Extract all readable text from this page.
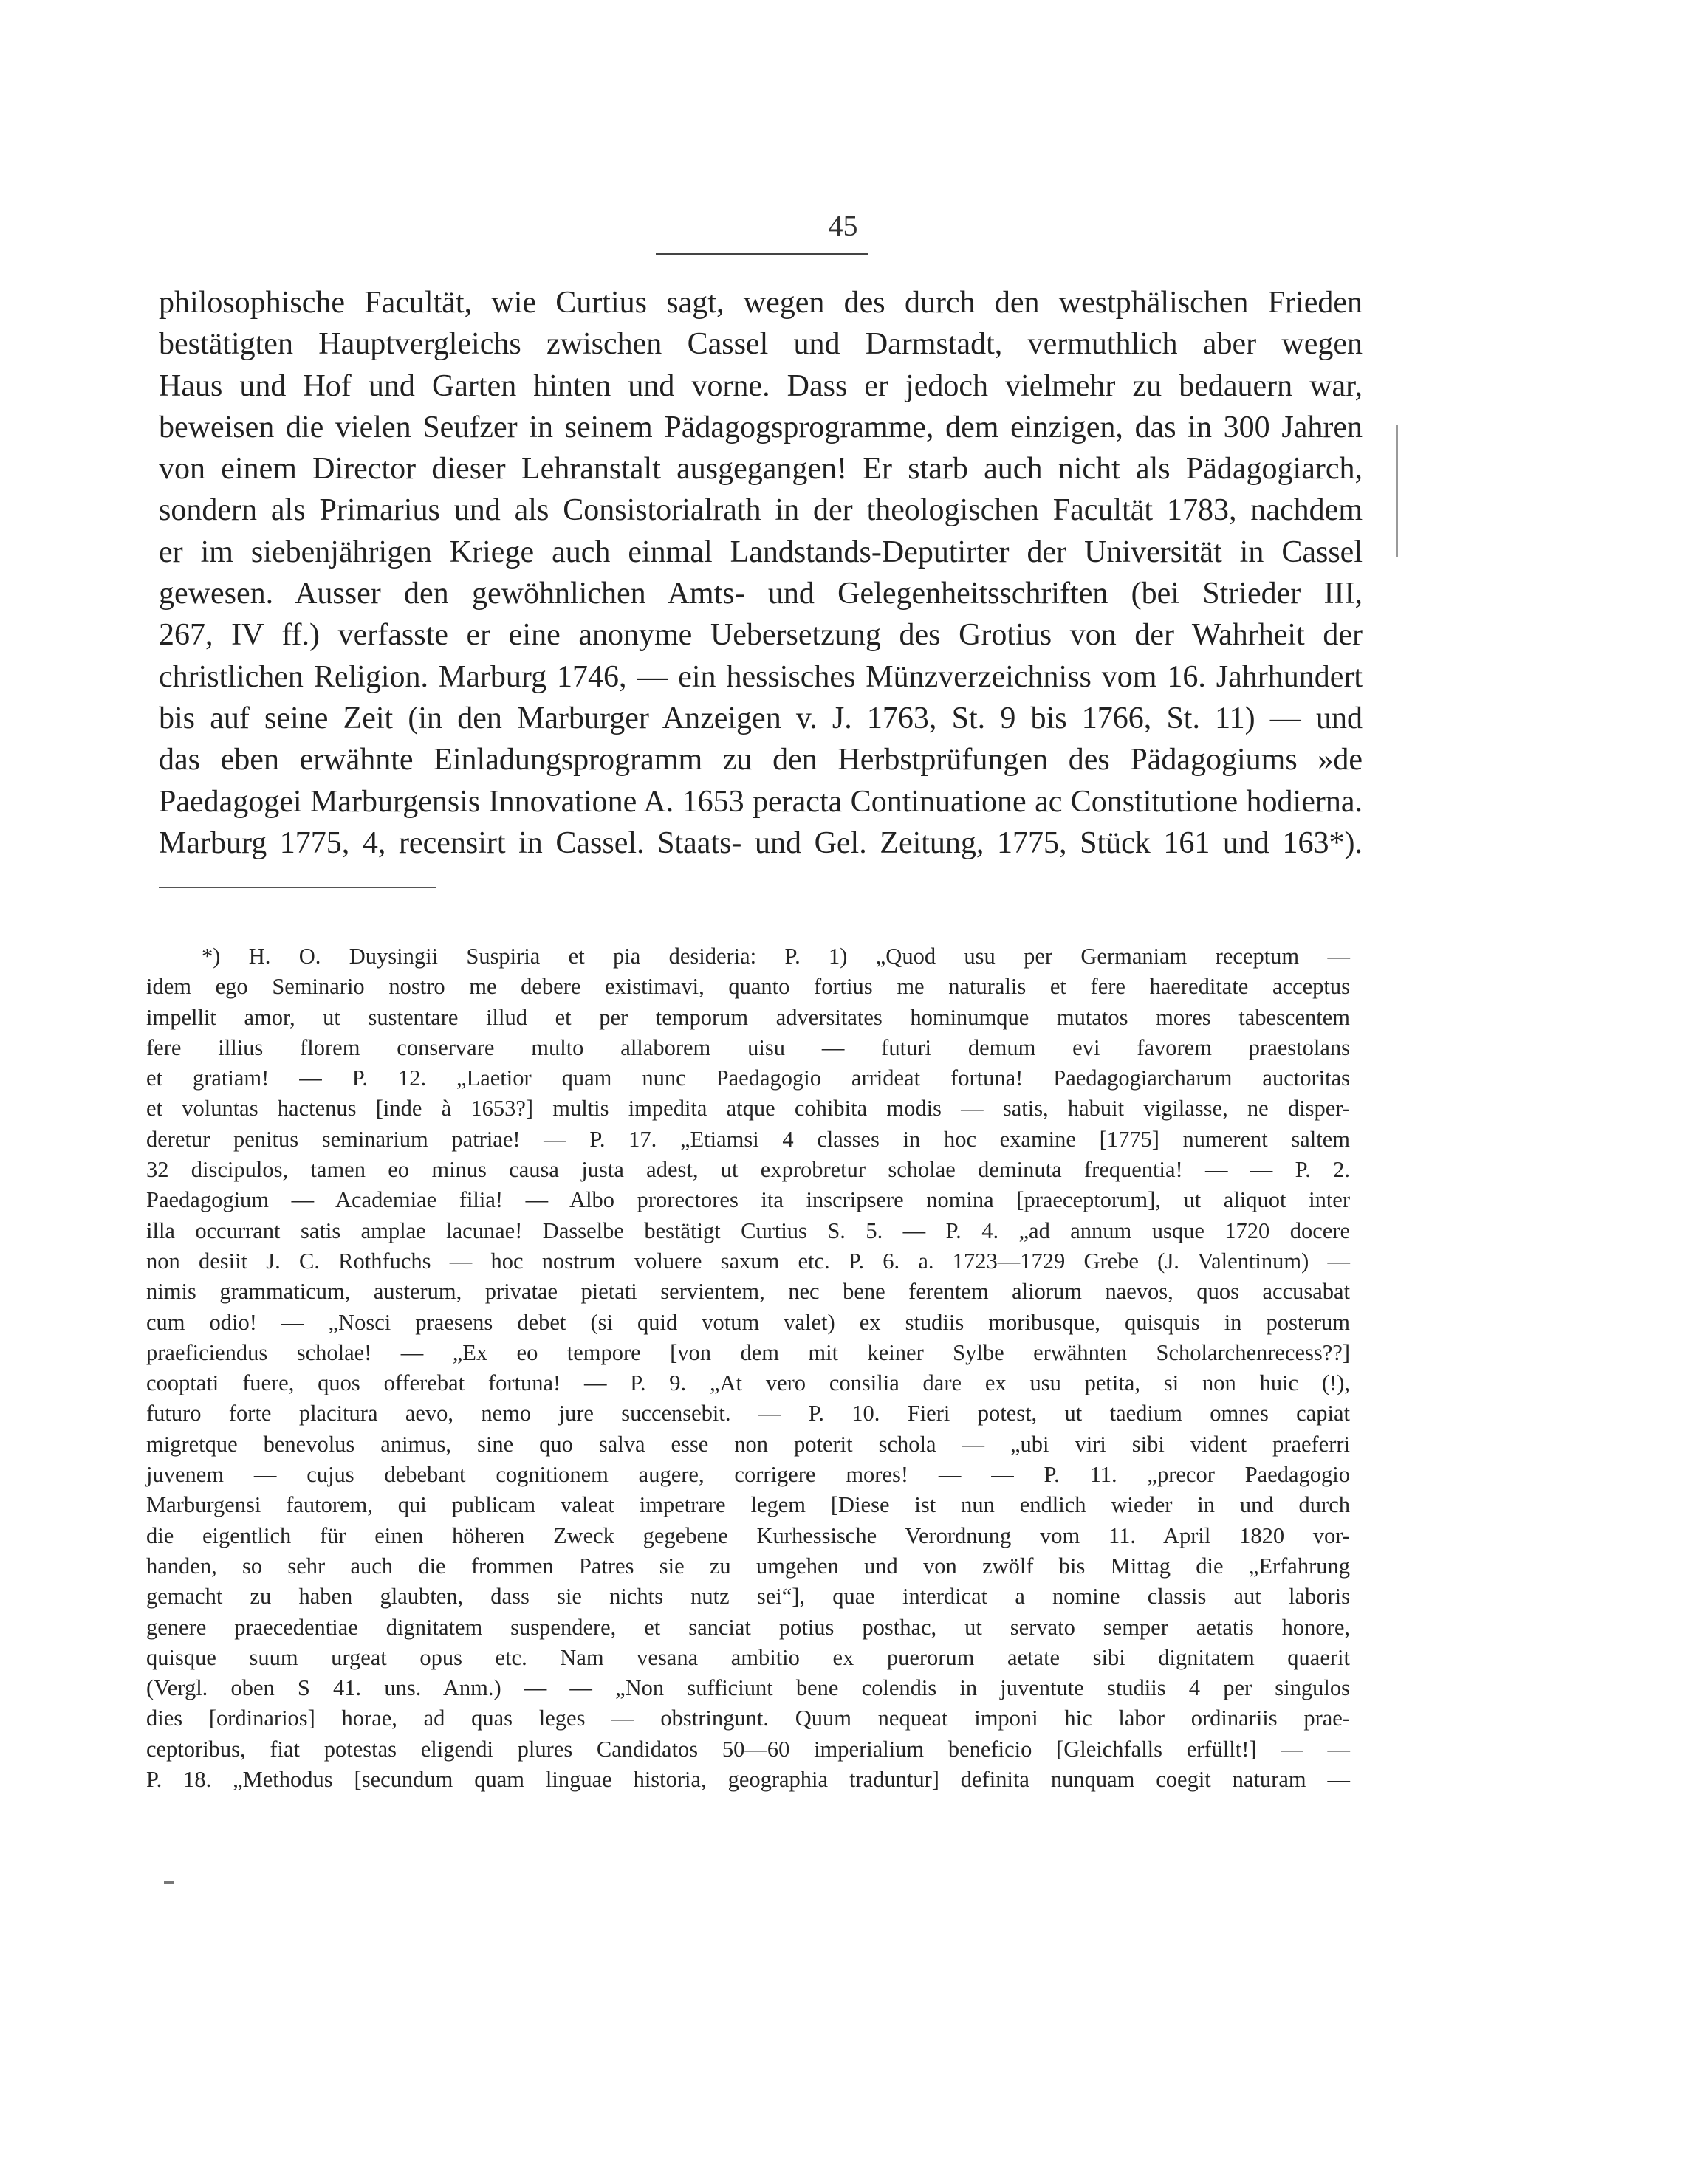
45
philosophische Facultät, wie Curtius sagt, wegen des durch den westphälischen Frieden
bestätigten Hauptvergleichs zwischen Cassel und Darmstadt, vermuthlich aber wegen
Haus und Hof und Garten hinten und vorne. Dass er jedoch vielmehr zu bedauern war,
beweisen die vielen Seufzer in seinem Pädagogsprogramme, dem einzigen, das in 300 Jahren
von einem Director dieser Lehranstalt ausgegangen! Er starb auch nicht als Pädagogiarch,
sondern als Primarius und als Consistorialrath in der theologischen Facultät 1783, nachdem
er im siebenjährigen Kriege auch einmal Landstands-Deputirter der Universität in Cassel
gewesen. Ausser den gewöhnlichen Amts- und Gelegenheitsschriften (bei Strieder III,
267, IV ff.) verfasste er eine anonyme Uebersetzung des Grotius von der Wahrheit der
christlichen Religion. Marburg 1746, — ein hessisches Münzverzeichniss vom 16. Jahrhundert
bis auf seine Zeit (in den Marburger Anzeigen v. J. 1763, St. 9 bis 1766, St. 11) — und
das eben erwähnte Einladungsprogramm zu den Herbstprüfungen des Pädagogiums »de
Paedagogei Marburgensis Innovatione A. 1653 peracta Continuatione ac Constitutione hodierna.
Marburg 1775, 4, recensirt in Cassel. Staats- und Gel. Zeitung, 1775, Stück 161 und 163*).
*) H. O. Duysingii Suspiria et pia desideria: P. 1) „Quod usu per Germaniam receptum —
idem ego Seminario nostro me debere existimavi, quanto fortius me naturalis et fere haereditate acceptus
impellit amor, ut sustentare illud et per temporum adversitates hominumque mutatos mores tabescentem
fere illius florem conservare multo allaborem uisu — futuri demum evi favorem praestolans
et gratiam! — P. 12. „Laetior quam nunc Paedagogio arrideat fortuna! Paedagogiarcharum auctoritas
et voluntas hactenus [inde à 1653?] multis impedita atque cohibita modis — satis, habuit vigilasse, ne disper-
deretur penitus seminarium patriae! — P. 17. „Etiamsi 4 classes in hoc examine [1775] numerent saltem
32 discipulos, tamen eo minus causa justa adest, ut exprobretur scholae deminuta frequentia! — — P. 2.
Paedagogium — Academiae filia! — Albo prorectores ita inscripsere nomina [praeceptorum], ut aliquot inter
illa occurrant satis amplae lacunae! Dasselbe bestätigt Curtius S. 5. — P. 4. „ad annum usque 1720 docere
non desiit J. C. Rothfuchs — hoc nostrum voluere saxum etc. P. 6. a. 1723—1729 Grebe (J. Valentinum) —
nimis grammaticum, austerum, privatae pietati servientem, nec bene ferentem aliorum naevos, quos accusabat
cum odio! — „Nosci praesens debet (si quid votum valet) ex studiis moribusque, quisquis in posterum
praeficiendus scholae! — „Ex eo tempore [von dem mit keiner Sylbe erwähnten Scholarchenrecess??]
cooptati fuere, quos offerebat fortuna! — P. 9. „At vero consilia dare ex usu petita, si non huic (!),
futuro forte placitura aevo, nemo jure succensebit. — P. 10. Fieri potest, ut taedium omnes capiat
migretque benevolus animus, sine quo salva esse non poterit schola — „ubi viri sibi vident praeferri
juvenem — cujus debebant cognitionem augere, corrigere mores! — — P. 11. „precor Paedagogio
Marburgensi fautorem, qui publicam valeat impetrare legem [Diese ist nun endlich wieder in und durch
die eigentlich für einen höheren Zweck gegebene Kurhessische Verordnung vom 11. April 1820 vor-
handen, so sehr auch die frommen Patres sie zu umgehen und von zwölf bis Mittag die „Erfahrung
gemacht zu haben glaubten, dass sie nichts nutz sei“], quae interdicat a nomine classis aut laboris
genere praecedentiae dignitatem suspendere, et sanciat potius posthac, ut servato semper aetatis honore,
quisque suum urgeat opus etc. Nam vesana ambitio ex puerorum aetate sibi dignitatem quaerit
(Vergl. oben S 41. uns. Anm.) — — „Non sufficiunt bene colendis in juventute studiis 4 per singulos
dies [ordinarios] horae, ad quas leges — obstringunt. Quum nequeat imponi hic labor ordinariis prae-
ceptoribus, fiat potestas eligendi plures Candidatos 50—60 imperialium beneficio [Gleichfalls erfüllt!] — —
P. 18. „Methodus [secundum quam linguae historia, geographia traduntur] definita nunquam coegit naturam —
